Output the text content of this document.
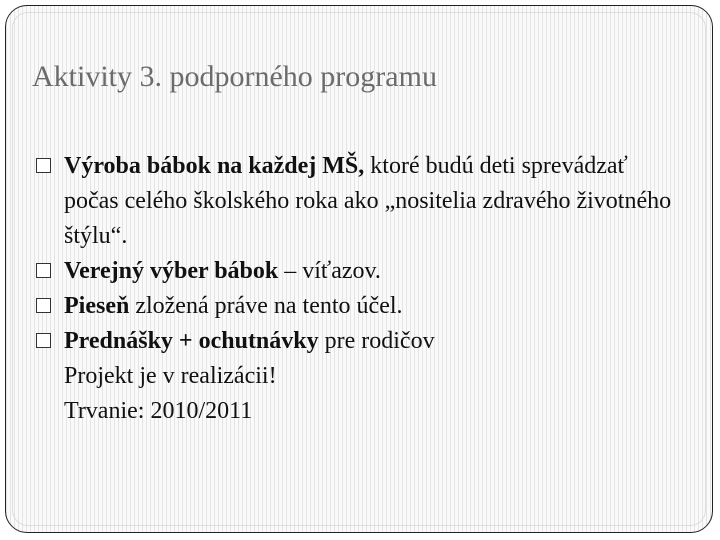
Aktivity 3. podporného programu
Výroba bábok na každej MŠ, ktoré budú deti sprevádzať počas celého školského roka ako „nositelia zdravého životného štýlu“.
Verejný výber bábok – víťazov.
Pieseň zložená práve na tento účel.
Prednášky + ochutnávky pre rodičov
Projekt je v realizácii!
Trvanie: 2010/2011
